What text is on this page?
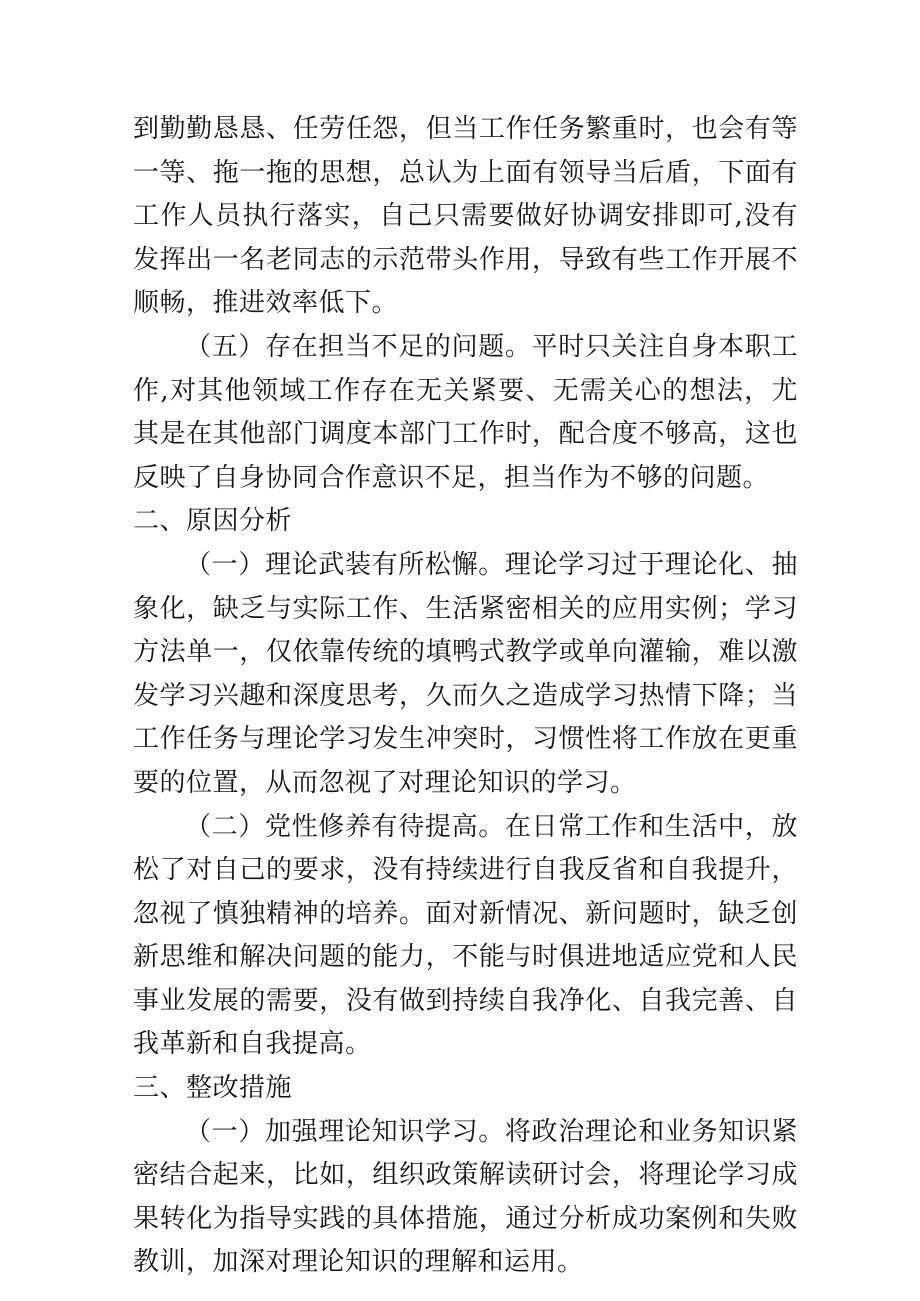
到勤勤恳恳、任劳任怨，但当工作任务繁重时，也会有等一等、拖一拖的思想，总认为上面有领导当后盾，下面有工作人员执行落实，自己只需要做好协调安排即可,没有发挥出一名老同志的示范带头作用，导致有些工作开展不顺畅，推进效率低下。

（五）存在担当不足的问题。平时只关注自身本职工作,对其他领域工作存在无关紧要、无需关心的想法，尤其是在其他部门调度本部门工作时，配合度不够高，这也反映了自身协同合作意识不足，担当作为不够的问题。

二、原因分析

（一）理论武装有所松懈。理论学习过于理论化、抽象化，缺乏与实际工作、生活紧密相关的应用实例；学习方法单一，仅依靠传统的填鸭式教学或单向灌输，难以激发学习兴趣和深度思考，久而久之造成学习热情下降；当工作任务与理论学习发生冲突时，习惯性将工作放在更重要的位置，从而忽视了对理论知识的学习。

（二）党性修养有待提高。在日常工作和生活中，放松了对自己的要求，没有持续进行自我反省和自我提升，忽视了慎独精神的培养。面对新情况、新问题时，缺乏创新思维和解决问题的能力，不能与时俱进地适应党和人民事业发展的需要，没有做到持续自我净化、自我完善、自我革新和自我提高。

三、整改措施

（一）加强理论知识学习。将政治理论和业务知识紧密结合起来，比如，组织政策解读研讨会，将理论学习成果转化为指导实践的具体措施，通过分析成功案例和失败教训，加深对理论知识的理解和运用。
